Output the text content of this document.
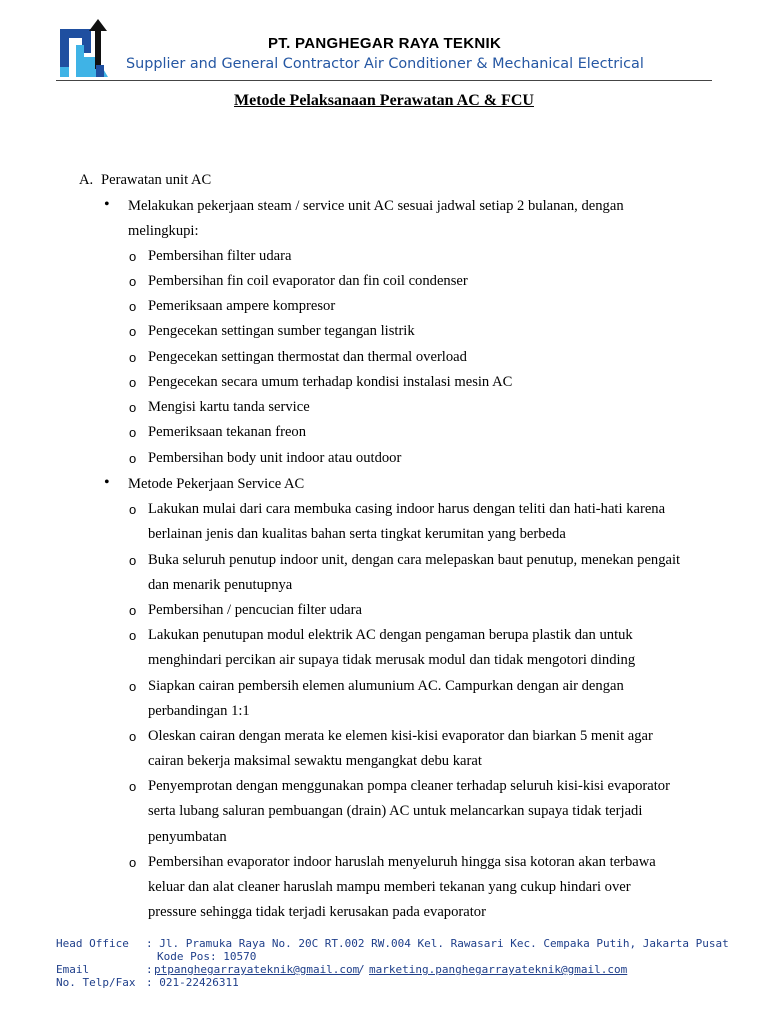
PT. PANGHEGAR RAYA TEKNIK
Supplier and General Contractor Air Conditioner & Mechanical Electrical
Metode Pelaksanaan Perawatan AC & FCU
A. Perawatan unit AC
• Melakukan pekerjaan steam / service unit AC sesuai jadwal setiap 2 bulanan, dengan
melingkupi:
o Pembersihan filter udara
o Pembersihan fin coil evaporator dan fin coil condenser
o Pemeriksaan ampere kompresor
o Pengecekan settingan sumber tegangan listrik
o Pengecekan settingan thermostat dan thermal overload
o Pengecekan secara umum terhadap kondisi instalasi mesin AC
o Mengisi kartu tanda service
o Pemeriksaan tekanan freon
o Pembersihan body unit indoor atau outdoor
• Metode Pekerjaan Service AC
o Lakukan mulai dari cara membuka casing indoor harus dengan teliti dan hati-hati karena
berlainan jenis dan kualitas bahan serta tingkat kerumitan yang berbeda
o Buka seluruh penutup indoor unit, dengan cara melepaskan baut penutup, menekan pengait
dan menarik penutupnya
o Pembersihan / pencucian filter udara
o Lakukan penutupan modul elektrik AC dengan pengaman berupa plastik dan untuk
menghindari percikan air supaya tidak merusak modul dan tidak mengotori dinding
o Siapkan cairan pembersih elemen alumunium AC. Campurkan dengan air dengan
perbandingan 1:1
o Oleskan cairan dengan merata ke elemen kisi-kisi evaporator dan biarkan 5 menit agar
cairan bekerja maksimal sewaktu mengangkat debu karat
o Penyemprotan dengan menggunakan pompa cleaner terhadap seluruh kisi-kisi evaporator
serta lubang saluran pembuangan (drain) AC untuk melancarkan supaya tidak terjadi
penyumbatan
o Pembersihan evaporator indoor haruslah menyeluruh hingga sisa kotoran akan terbawa
keluar dan alat cleaner haruslah mampu memberi tekanan yang cukup hindari over
pressure sehingga tidak terjadi kerusakan pada evaporator
Head Office : Jl. Pramuka Raya No. 20C RT.002 RW.004 Kel. Rawasari Kec. Cempaka Putih, Jakarta Pusat
Kode Pos: 10570
Email	: ptpanghegarrayateknik@gmail.com
/ marketing.panghegarrayateknik@gmail.com
No. Telp/Fax : 021-22426311
